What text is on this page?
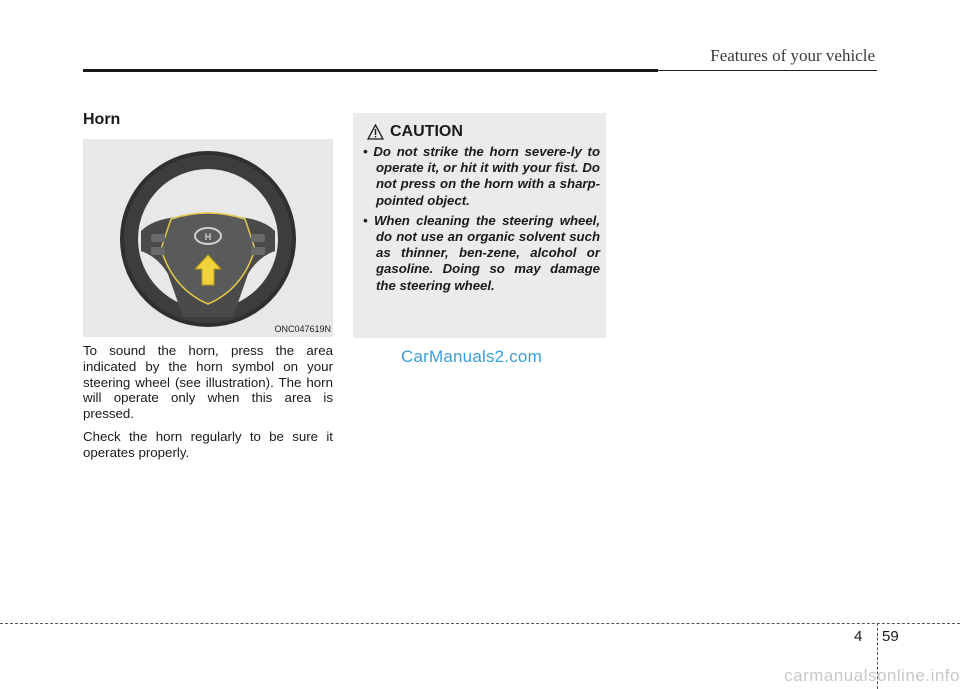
Features of your vehicle
Horn
H
ONC047619N

To sound the horn, press the area indicated by the horn symbol on your steering wheel (see illustration). The horn will operate only when this area is pressed.

Check the horn regularly to be sure it operates properly.

CAUTION
• Do not strike the horn severe-ly to operate it, or hit it with your fist. Do not press on the horn with a sharp-pointed object.
• When cleaning the steering wheel, do not use an organic solvent such as thinner, ben-zene, alcohol or gasoline. Doing so may damage the steering wheel.
CarManuals2.com
4 59
carmanualsonline.info
